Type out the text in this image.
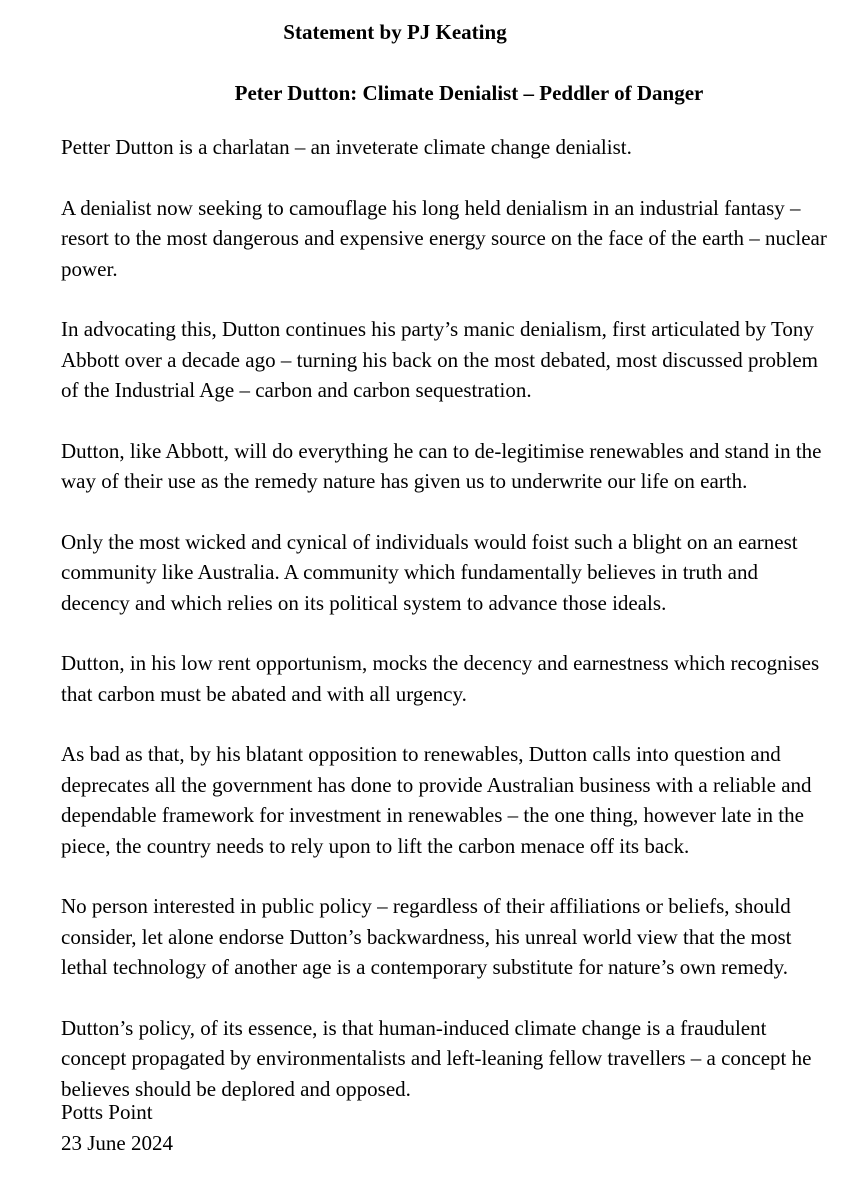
Statement by PJ Keating
Peter Dutton: Climate Denialist – Peddler of Danger

Petter Dutton is a charlatan – an inveterate climate change denialist.

A denialist now seeking to camouflage his long held denialism in an industrial fantasy – resort to the most dangerous and expensive energy source on the face of the earth – nuclear power.

In advocating this, Dutton continues his party’s manic denialism, first articulated by Tony Abbott over a decade ago – turning his back on the most debated, most discussed problem of the Industrial Age – carbon and carbon sequestration.

Dutton, like Abbott, will do everything he can to de-legitimise renewables and stand in the way of their use as the remedy nature has given us to underwrite our life on earth.

Only the most wicked and cynical of individuals would foist such a blight on an earnest community like Australia. A community which fundamentally believes in truth and decency and which relies on its political system to advance those ideals.

Dutton, in his low rent opportunism, mocks the decency and earnestness which recognises that carbon must be abated and with all urgency.

As bad as that, by his blatant opposition to renewables, Dutton calls into question and deprecates all the government has done to provide Australian business with a reliable and dependable framework for investment in renewables – the one thing, however late in the piece, the country needs to rely upon to lift the carbon menace off its back.

No person interested in public policy – regardless of their affiliations or beliefs, should consider, let alone endorse Dutton’s backwardness, his unreal world view that the most lethal technology of another age is a contemporary substitute for nature’s own remedy.

Dutton’s policy, of its essence, is that human-induced climate change is a fraudulent concept propagated by environmentalists and left-leaning fellow travellers – a concept he believes should be deplored and opposed.

Potts Point
23 June 2024
